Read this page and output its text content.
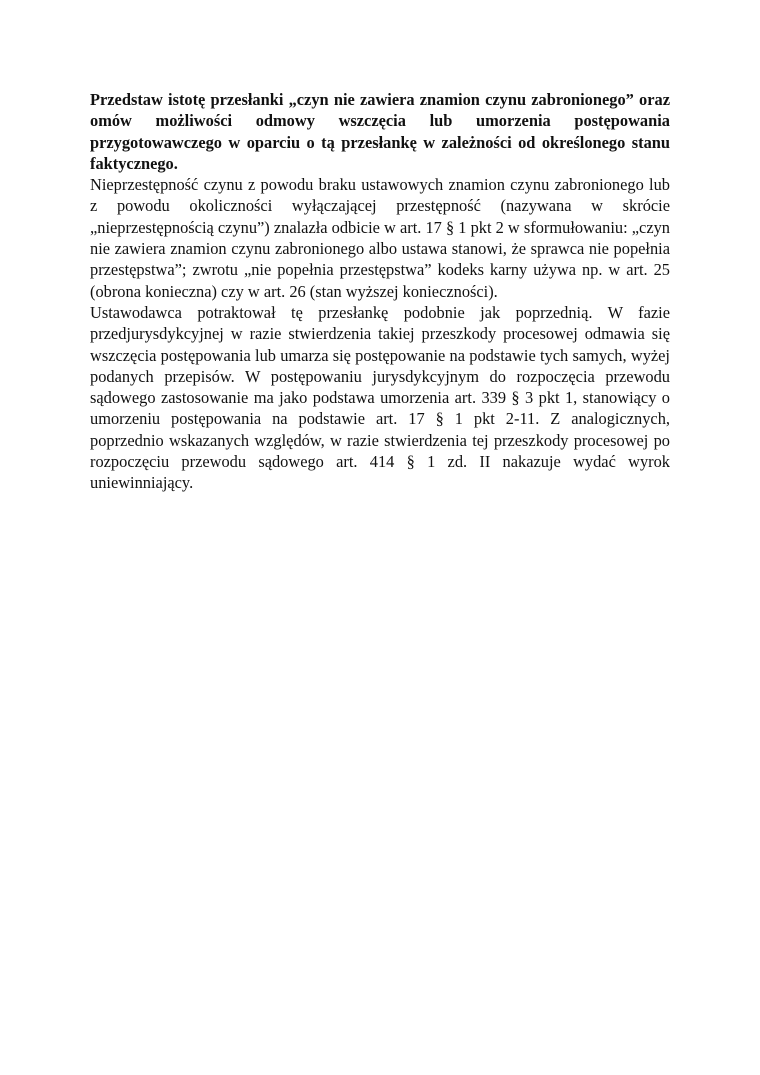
Przedstaw istotę przesłanki „czyn nie zawiera znamion czynu zabronionego” oraz omów możliwości odmowy wszczęcia lub umorzenia postępowania przygotowawczego w oparciu o tą przesłankę w zależności od określonego stanu faktycznego.

Nieprzestępność czynu z powodu braku ustawowych znamion czynu zabronionego lub z powodu okoliczności wyłączającej przestępność (nazywana w skrócie „nieprzestępnością czynu”) znalazła odbicie w art. 17 § 1 pkt 2 w sformułowaniu: „czyn nie zawiera znamion czynu zabronionego albo ustawa stanowi, że sprawca nie popełnia przestępstwa”; zwrotu „nie popełnia przestępstwa” kodeks karny używa np. w art. 25 (obrona konieczna) czy w art. 26 (stan wyższej konieczności).

Ustawodawca potraktował tę przesłankę podobnie jak poprzednią. W fazie przedjurysdykcyjnej w razie stwierdzenia takiej przeszkody procesowej odmawia się wszczęcia postępowania lub umarza się postępowanie na podstawie tych samych, wyżej podanych przepisów. W postępowaniu jurysdykcyjnym do rozpoczęcia przewodu sądowego zastosowanie ma jako podstawa umorzenia art. 339 § 3 pkt 1, stanowiący o umorzeniu postępowania na podstawie art. 17 § 1 pkt 2-11. Z analogicznych, poprzednio wskazanych względów, w razie stwierdzenia tej przeszkody procesowej po rozpoczęciu przewodu sądowego art. 414 § 1 zd. II nakazuje wydać wyrok uniewinniający.
